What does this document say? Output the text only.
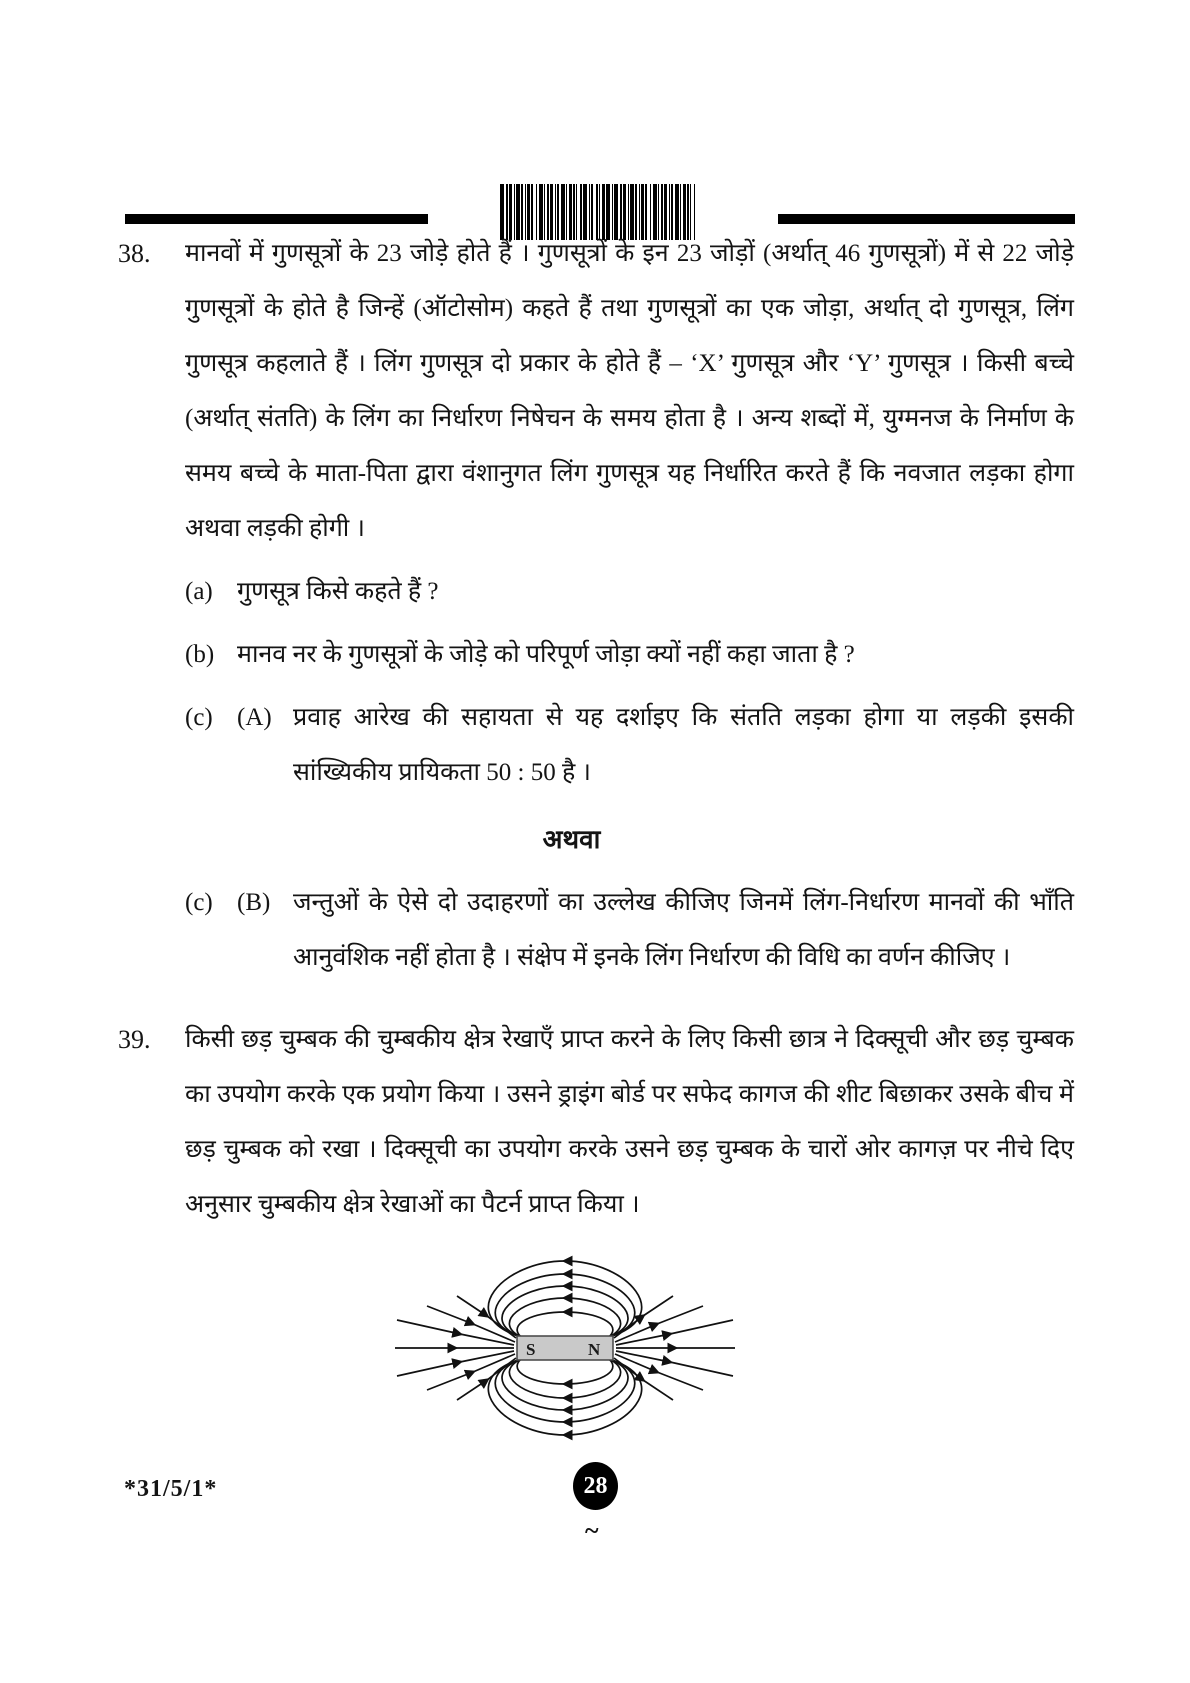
38.	मानवों में गुणसूत्रों के 23 जोड़े होते हैं । गुणसूत्रों के इन 23 जोड़ों (अर्थात् 46 गुणसूत्रों) में से 22 जोड़े गुणसूत्रों के होते है जिन्हें (ऑटोसोम) कहते हैं तथा गुणसूत्रों का एक जोड़ा, अर्थात् दो गुणसूत्र, लिंग गुणसूत्र कहलाते हैं । लिंग गुणसूत्र दो प्रकार के होते हैं – ‘X’ गुणसूत्र और ‘Y’ गुणसूत्र । किसी बच्चे (अर्थात् संतति) के लिंग का निर्धारण निषेचन के समय होता है । अन्य शब्दों में, युग्मनज के निर्माण के समय बच्चे के माता-पिता द्वारा वंशानुगत लिंग गुणसूत्र यह निर्धारित करते हैं कि नवजात लड़का होगा अथवा लड़की होगी ।
(a) गुणसूत्र किसे कहते हैं ?
(b) मानव नर के गुणसूत्रों के जोड़े को परिपूर्ण जोड़ा क्यों नहीं कहा जाता है ?
(c) (A) प्रवाह आरेख की सहायता से यह दर्शाइए कि संतति लड़का होगा या लड़की इसकी सांख्यिकीय प्रायिकता 50 : 50 है ।
अथवा
(c) (B) जन्तुओं के ऐसे दो उदाहरणों का उल्लेख कीजिए जिनमें लिंग-निर्धारण मानवों की भाँति आनुवंशिक नहीं होता है । संक्षेप में इनके लिंग निर्धारण की विधि का वर्णन कीजिए ।
39.	किसी छड़ चुम्बक की चुम्बकीय क्षेत्र रेखाएँ प्राप्त करने के लिए किसी छात्र ने दिक्सूची और छड़ चुम्बक का उपयोग करके एक प्रयोग किया । उसने ड्राइंग बोर्ड पर सफेद कागज की शीट बिछाकर उसके बीच में छड़ चुम्बक को रखा । दिक्सूची का उपयोग करके उसने छड़ चुम्बक के चारों ओर कागज़ पर नीचे दिए अनुसार चुम्बकीय क्षेत्र रेखाओं का पैटर्न प्राप्त किया ।
S	N
*31/5/1*	28
~
